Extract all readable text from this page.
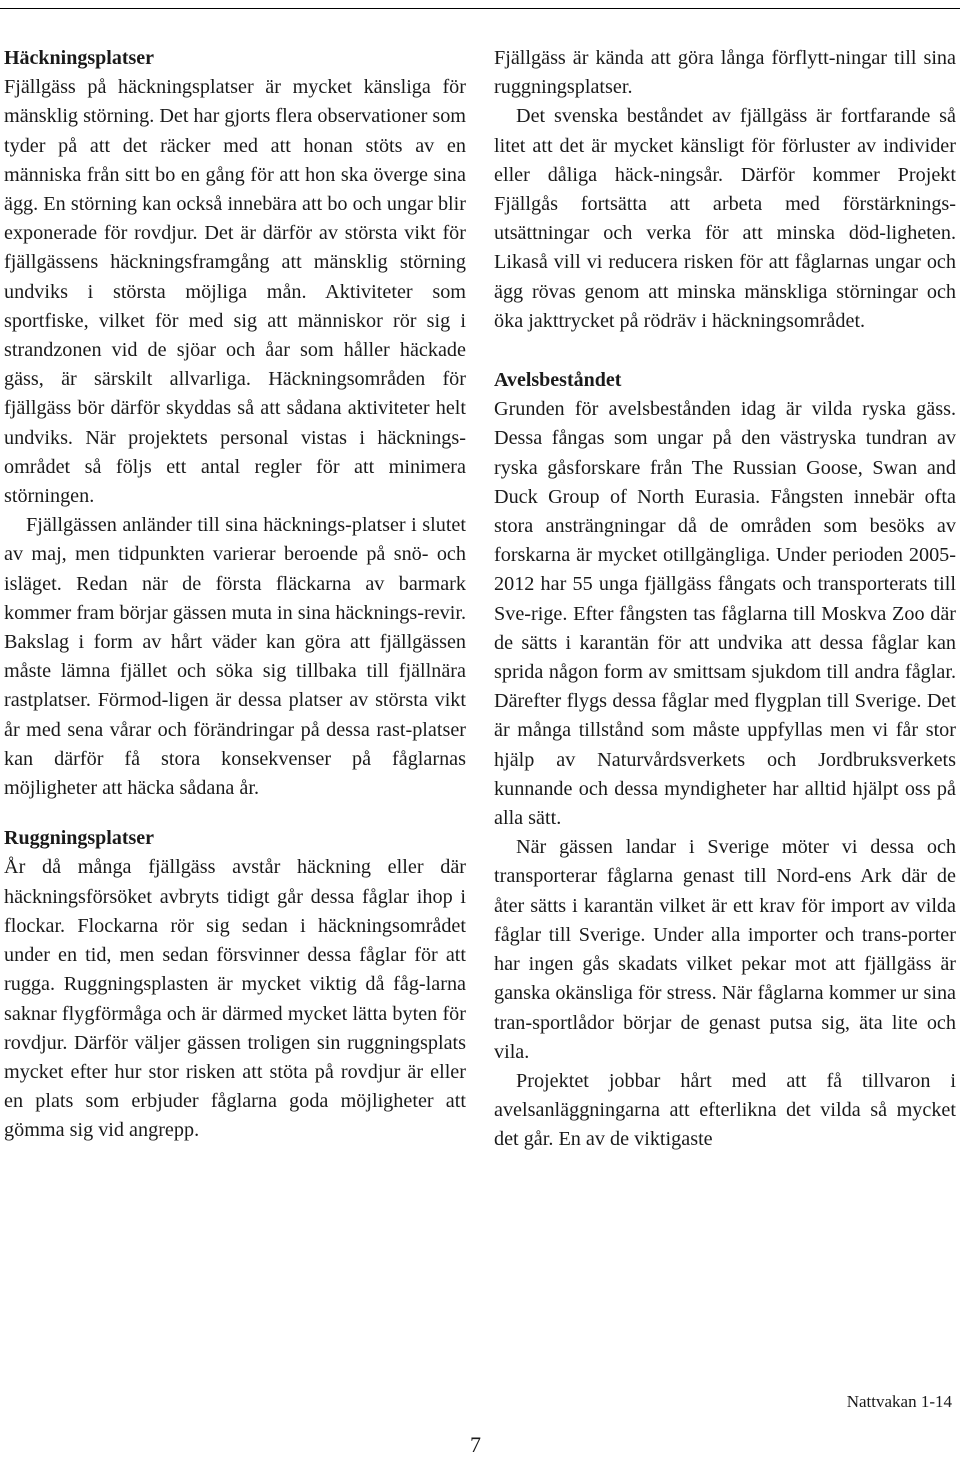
Häckningsplatser

Fjällgäss på häckningsplatser är mycket känsliga för mänsklig störning. Det har gjorts flera observationer som tyder på att det räcker med att honan stöts av en människa från sitt bo en gång för att hon ska överge sina ägg. En störning kan också innebära att bo och ungar blir exponerade för rovdjur. Det är därför av största vikt för fjällgässens häckningsframgång att mänsklig störning undviks i största möjliga mån. Aktiviteter som sportfiske, vilket för med sig att människor rör sig i strandzonen vid de sjöar och åar som håller häckade gäss, är särskilt allvarliga. Häckningsområden för fjällgäss bör därför skyddas så att sådana aktiviteter helt undviks. När projektets personal vistas i häcknings-området så följs ett antal regler för att minimera störningen.

Fjällgässen anländer till sina häcknings-platser i slutet av maj, men tidpunkten varierar beroende på snö- och isläget. Redan när de första fläckarna av barmark kommer fram börjar gässen muta in sina häcknings-revir. Bakslag i form av hårt väder kan göra att fjällgässen måste lämna fjället och söka sig tillbaka till fjällnära rastplatser. Förmod-ligen är dessa platser av största vikt år med sena vårar och förändringar på dessa rast-platser kan därför få stora konsekvenser på fåglarnas möjligheter att häcka sådana år.

Ruggningsplatser

År då många fjällgäss avstår häckning eller där häckningsförsöket avbryts tidigt går dessa fåglar ihop i flockar. Flockarna rör sig sedan i häckningsområdet under en tid, men sedan försvinner dessa fåglar för att rugga. Ruggningsplasten är mycket viktig då fåg-larna saknar flygförmåga och är därmed mycket lätta byten för rovdjur. Därför väljer gässen troligen sin ruggningsplats mycket efter hur stor risken att stöta på rovdjur är eller en plats som erbjuder fåglarna goda möjligheter att gömma sig vid angrepp.

Fjällgäss är kända att göra långa förflytt-ningar till sina ruggningsplatser.

Det svenska beståndet av fjällgäss är fortfarande så litet att det är mycket känsligt för förluster av individer eller dåliga häck-ningsår. Därför kommer Projekt Fjällgås fortsätta att arbeta med förstärknings-utsättningar och verka för att minska död-ligheten. Likaså vill vi reducera risken för att fåglarnas ungar och ägg rövas genom att minska mänskliga störningar och öka jakttrycket på rödräv i häckningsområdet.

Avelsbeståndet

Grunden för avelsbestånden idag är vilda ryska gäss. Dessa fångas som ungar på den västryska tundran av ryska gåsforskare från The Russian Goose, Swan and Duck Group of North Eurasia. Fångsten innebär ofta stora ansträngningar då de områden som besöks av forskarna är mycket otillgängliga. Under perioden 2005-2012 har 55 unga fjällgäss fångats och transporterats till Sve-rige. Efter fångsten tas fåglarna till Moskva Zoo där de sätts i karantän för att undvika att dessa fåglar kan sprida någon form av smittsam sjukdom till andra fåglar. Därefter flygs dessa fåglar med flygplan till Sverige. Det är många tillstånd som måste uppfyllas men vi får stor hjälp av Naturvårdsverkets och Jordbruksverkets kunnande och dessa myndigheter har alltid hjälpt oss på alla sätt.

När gässen landar i Sverige möter vi dessa och transporterar fåglarna genast till Nord-ens Ark där de åter sätts i karantän vilket är ett krav för import av vilda fåglar till Sverige. Under alla importer och trans-porter har ingen gås skadats vilket pekar mot att fjällgäss är ganska okänsliga för stress. När fåglarna kommer ur sina tran-sportlådor börjar de genast putsa sig, äta lite och vila.

Projektet jobbar hårt med att få tillvaron i avelsanläggningarna att efterlikna det vilda så mycket det går. En av de viktigaste

7
Nattvakan 1-14
